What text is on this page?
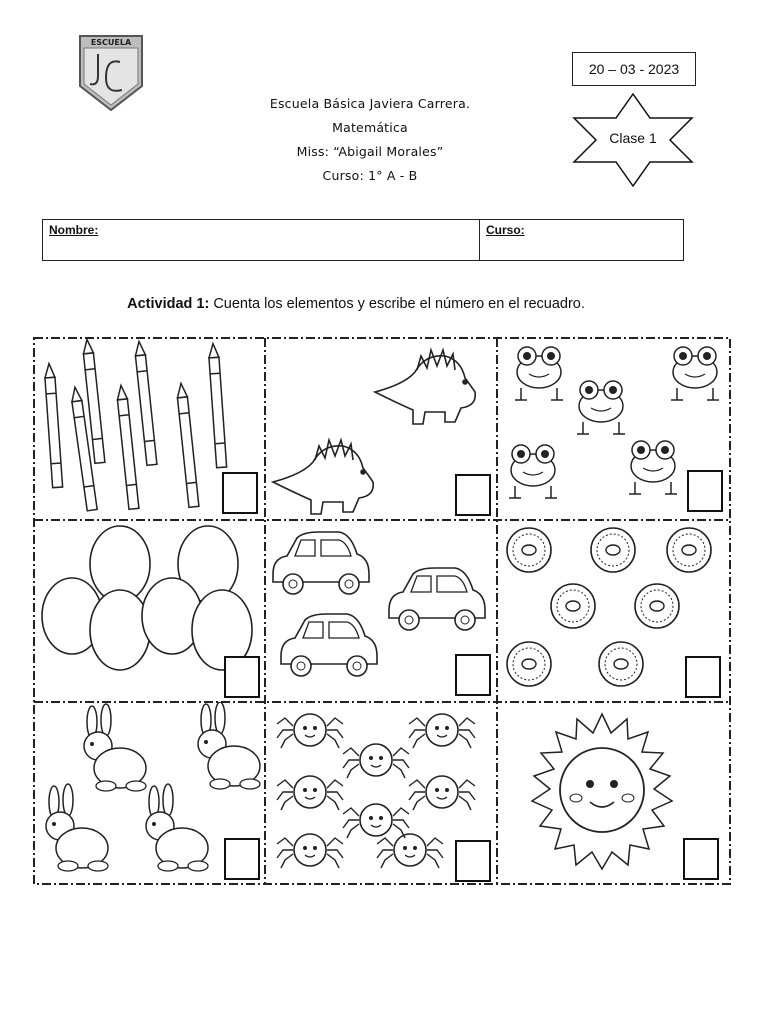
ESCUELA
Escuela Básica Javiera Carrera.
Matemática
Miss: “Abigail Morales”
Curso: 1° A - B
20 – 03 - 2023
Clase 1
Nombre:	Curso:
Actividad 1: Cuenta los elementos y escribe el número en el recuadro.
